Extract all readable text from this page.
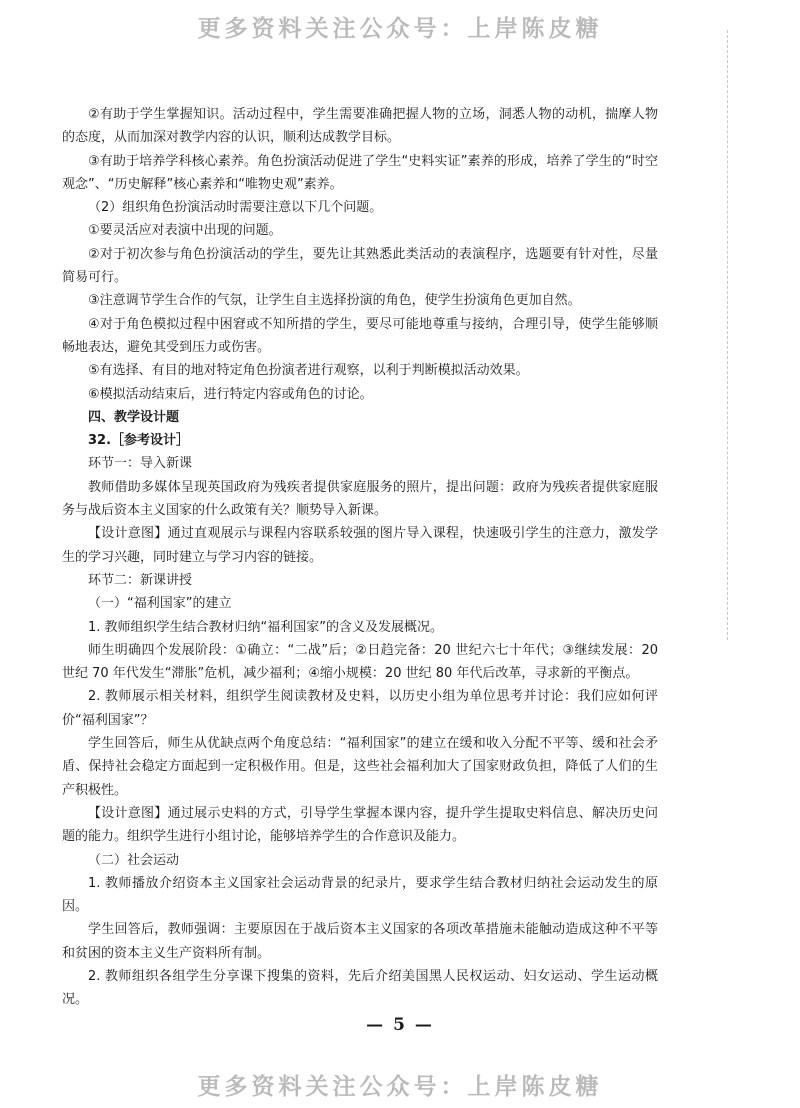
更多资料关注公众号：上岸陈皮糖

②有助于学生掌握知识。活动过程中，学生需要准确把握人物的立场，洞悉人物的动机，揣摩人物的态度，从而加深对教学内容的认识，顺利达成教学目标。

③有助于培养学科核心素养。角色扮演活动促进了学生“史料实证”素养的形成，培养了学生的“时空观念”、“历史解释”核心素养和“唯物史观”素养。

（2）组织角色扮演活动时需要注意以下几个问题。

①要灵活应对表演中出现的问题。

②对于初次参与角色扮演活动的学生，要先让其熟悉此类活动的表演程序，选题要有针对性，尽量简易可行。

③注意调节学生合作的气氛，让学生自主选择扮演的角色，使学生扮演角色更加自然。

④对于角色模拟过程中困窘或不知所措的学生，要尽可能地尊重与接纳，合理引导，使学生能够顺畅地表达，避免其受到压力或伤害。

⑤有选择、有目的地对特定角色扮演者进行观察，以利于判断模拟活动效果。

⑥模拟活动结束后，进行特定内容或角色的讨论。

四、教学设计题

32.［参考设计］

环节一：导入新课

教师借助多媒体呈现英国政府为残疾者提供家庭服务的照片，提出问题：政府为残疾者提供家庭服务与战后资本主义国家的什么政策有关？顺势导入新课。

【设计意图】通过直观展示与课程内容联系较强的图片导入课程，快速吸引学生的注意力，激发学生的学习兴趣，同时建立与学习内容的链接。

环节二：新课讲授

（一）“福利国家”的建立

1. 教师组织学生结合教材归纳“福利国家”的含义及发展概况。

师生明确四个发展阶段：①确立：“二战”后；②日趋完备：20 世纪六七十年代；③继续发展：20 世纪 70 年代发生“滞胀”危机，减少福利；④缩小规模：20 世纪 80 年代后改革，寻求新的平衡点。

2. 教师展示相关材料，组织学生阅读教材及史料，以历史小组为单位思考并讨论：我们应如何评价“福利国家”？

学生回答后，师生从优缺点两个角度总结：“福利国家”的建立在缓和收入分配不平等、缓和社会矛盾、保持社会稳定方面起到一定积极作用。但是，这些社会福利加大了国家财政负担，降低了人们的生产积极性。

【设计意图】通过展示史料的方式，引导学生掌握本课内容，提升学生提取史料信息、解决历史问题的能力。组织学生进行小组讨论，能够培养学生的合作意识及能力。

（二）社会运动

1. 教师播放介绍资本主义国家社会运动背景的纪录片，要求学生结合教材归纳社会运动发生的原因。

学生回答后，教师强调：主要原因在于战后资本主义国家的各项改革措施未能触动造成这种不平等和贫困的资本主义生产资料所有制。

2. 教师组织各组学生分享课下搜集的资料，先后介绍美国黑人民权运动、妇女运动、学生运动概况。

— 5 —
更多资料关注公众号：上岸陈皮糖
